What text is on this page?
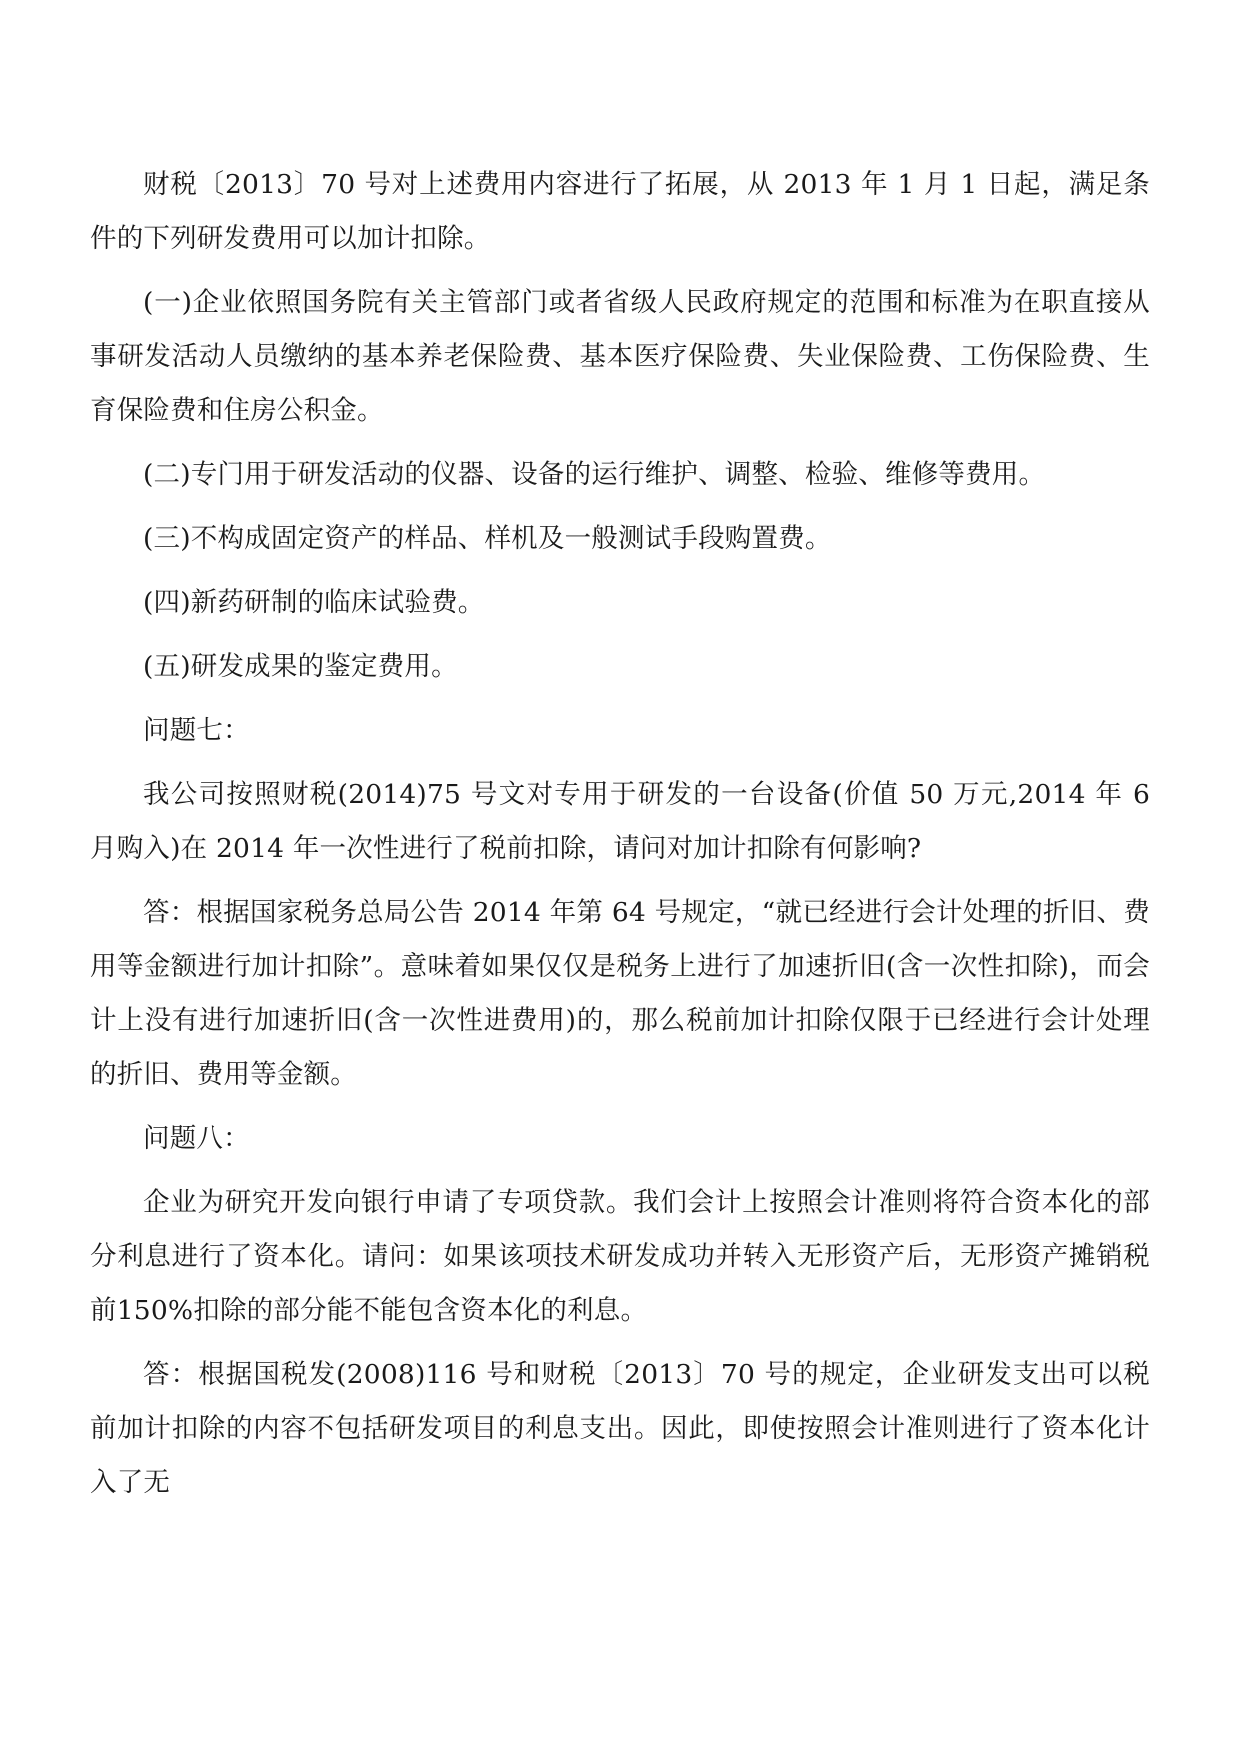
财税〔2013〕70 号对上述费用内容进行了拓展，从 2013 年 1 月 1 日起，满足条件的下列研发费用可以加计扣除。

(一)企业依照国务院有关主管部门或者省级人民政府规定的范围和标准为在职直接从事研发活动人员缴纳的基本养老保险费、基本医疗保险费、失业保险费、工伤保险费、生育保险费和住房公积金。

(二)专门用于研发活动的仪器、设备的运行维护、调整、检验、维修等费用。

(三)不构成固定资产的样品、样机及一般测试手段购置费。

(四)新药研制的临床试验费。

(五)研发成果的鉴定费用。

问题七：

我公司按照财税(2014)75 号文对专用于研发的一台设备(价值 50 万元,2014 年 6 月购入)在 2014 年一次性进行了税前扣除，请问对加计扣除有何影响?

答：根据国家税务总局公告 2014 年第 64 号规定，“就已经进行会计处理的折旧、费用等金额进行加计扣除”。意味着如果仅仅是税务上进行了加速折旧(含一次性扣除)，而会计上没有进行加速折旧(含一次性进费用)的，那么税前加计扣除仅限于已经进行会计处理的折旧、费用等金额。

问题八：

企业为研究开发向银行申请了专项贷款。我们会计上按照会计准则将符合资本化的部分利息进行了资本化。请问：如果该项技术研发成功并转入无形资产后，无形资产摊销税前150%扣除的部分能不能包含资本化的利息。

答：根据国税发(2008)116 号和财税〔2013〕70 号的规定，企业研发支出可以税前加计扣除的内容不包括研发项目的利息支出。因此，即使按照会计准则进行了资本化计入了无
